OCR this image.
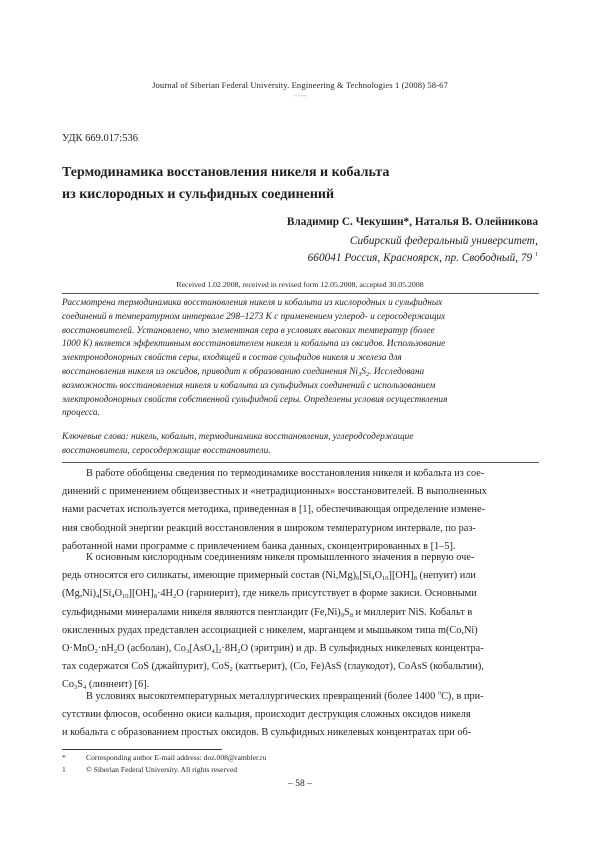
Journal of Siberian Federal University. Engineering & Technologies 1 (2008) 58-67
~ ~ ~
УДК 669.017:536
Термодинамика восстановления никеля и кобальта
из кислородных и сульфидных соединений
Владимир С. Чекушин*, Наталья В. Олейникова
Сибирский федеральный университет,
660041 Россия, Красноярск, пр. Свободный, 79 $^1$
Received 1.02.2008, received in revised form 12.05.2008, accepted 30.05.2008
Рассмотрена термодинамика восстановления никеля и кобальта из кислородных и сульфидных
соединений в температурном интервале 298–1273 К с применением углерод- и серосодержащих
восстановителей. Установлено, что элементная сера в условиях высоких температур (более
1000 К) является эффективным восстановителем никеля и кобальта из оксидов. Использование
электронодонорных свойств серы, входящей в состав сульфидов никеля и железа для
восстановления никеля из оксидов, приводит к образованию соединения $Ni_3S_2$. Исследована
возможность восстановления никеля и кобальта из сульфидных соединений с использованием
электронодонорных свойств собственной сульфидной серы. Определены условия осуществления
процесса.
Ключевые слова: никель, кобальт, термодинамика восстановления, углеродсодержащие
восстановители, серосодержащие восстановители.
В работе обобщены сведения по термодинамике восстановления никеля и кобальта из сое-
динений с применением общеизвестных и «нетрадиционных» восстановителей. В выполненных
нами расчетах используется методика, приведенная в [1], обеспечивающая определение измене-
ния свободной энергии реакций восстановления в широком температурном интервале, по раз-
работанной нами программе с привлечением банка данных, сконцентрированных в [1–5].
К основным кислородным соединениям никеля промышленного значения в первую оче-
редь относятся его силикаты, имеющие примерный состав $(Ni,Mg)_6[Si_4O_{10}][OH]_8$ (непуит) или
$(Mg,Ni)_4[Si_4O_{10}][OH]_8\cdot 4H_2O$ (гарниерит), где никель присутствует в форме закиси. Основными
сульфидными минералами никеля являются пентландит $(Fe,Ni)_9S_8$ и миллерит NiS. Кобальт в
окисленных рудах представлен ассоциацией с никелем, марганцем и мышьяком типа m(Co,Ni)
$O\cdot MnO_2\cdot nH_2O$ (асболан), $Co_3[AsO_4]_2\cdot 8H_2O$ (эритрин) и др. В сульфидных никелевых концентра-
тах содержатся CoS (джайпурит), CoS$_2$ (каттьерит), (Co, Fe)AsS (глаукодот), CoAsS (кобальтин),
$Co_3S_4$ (линнеит) [6].
В условиях высокотемпературных металлургических превращений (более 1400 $^о$С), в при-
сутствии флюсов, особенно окиси кальция, происходит деструкция сложных оксидов никеля
и кобальта с образованием простых оксидов. В сульфидных никелевых концентратах при об-
*	Corresponding author E-mail address: doz.008@rambler.ru
1	© Siberian Federal University. All rights reserved
– 58 –
